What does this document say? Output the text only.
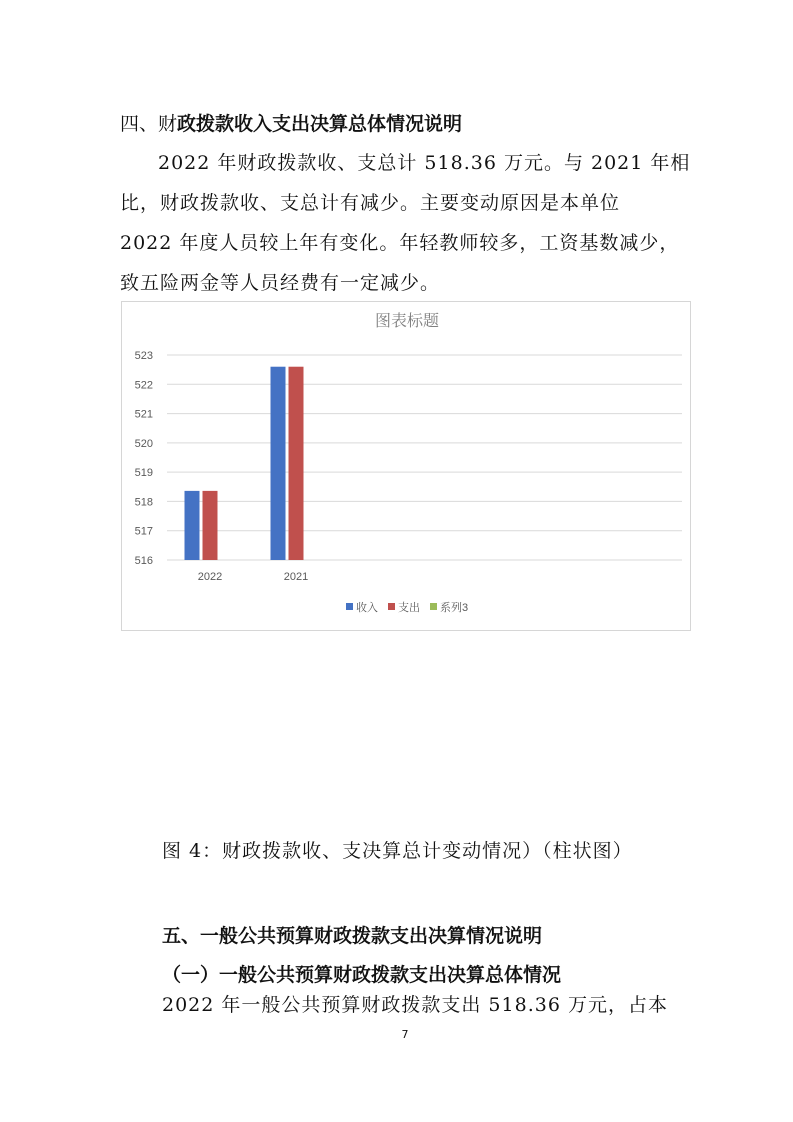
四、财政拨款收入支出决算总体情况说明

2022 年财政拨款收、支总计 518.36 万元。与 2021 年相

比，财政拨款收、支总计有减少。主要变动原因是本单位

2022 年度人员较上年有变化。年轻教师较多，工资基数减少，

致五险两金等人员经费有一定减少。

图表标题
516
517
518
519
520
521
522
523
2022	2021
收入 支出 系列3
图 4：财政拨款收、支决算总计变动情况）（柱状图）
五、一般公共预算财政拨款支出决算情况说明
（一）一般公共预算财政拨款支出决算总体情况
2022 年一般公共预算财政拨款支出 518.36 万元，占本
7
